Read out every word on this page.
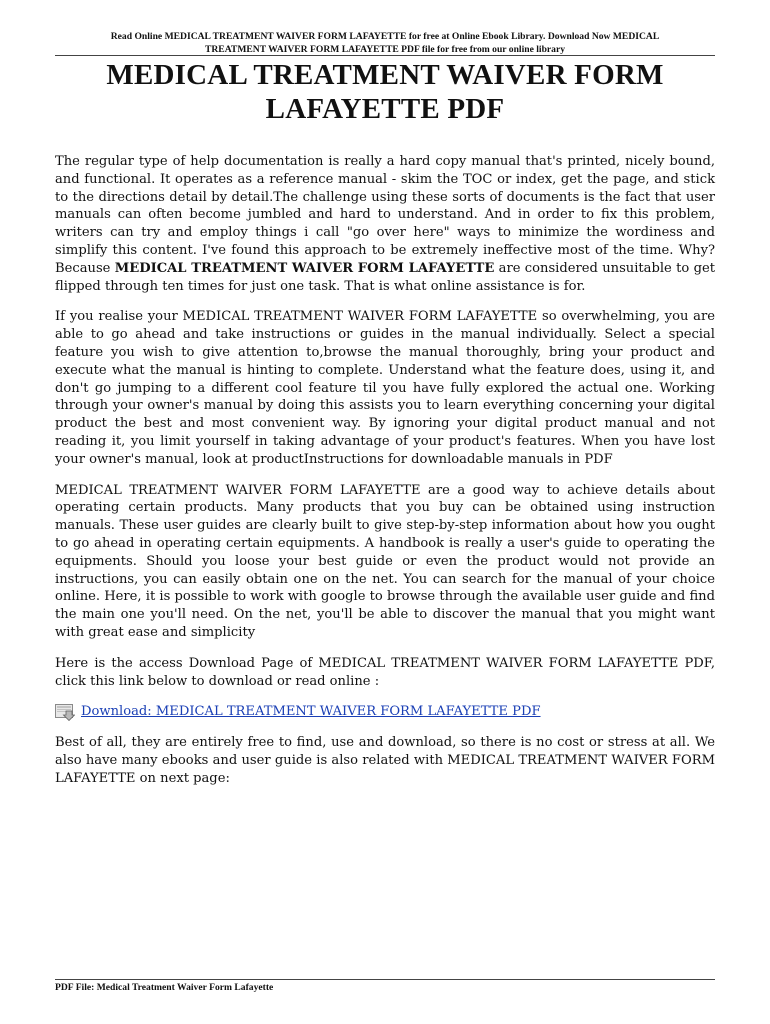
Read Online MEDICAL TREATMENT WAIVER FORM LAFAYETTE for free at Online Ebook Library. Download Now MEDICAL
TREATMENT WAIVER FORM LAFAYETTE PDF file for free from our online library
MEDICAL TREATMENT WAIVER FORM
LAFAYETTE PDF

The regular type of help documentation is really a hard copy manual that's printed, nicely bound, and functional. It operates as a reference manual - skim the TOC or index, get the page, and stick to the directions detail by detail.The challenge using these sorts of documents is the fact that user manuals can often become jumbled and hard to understand. And in order to fix this problem, writers can try and employ things i call "go over here" ways to minimize the wordiness and simplify this content. I've found this approach to be extremely ineffective most of the time. Why? Because MEDICAL TREATMENT WAIVER FORM LAFAYETTE are considered unsuitable to get flipped through ten times for just one task. That is what online assistance is for.

If you realise your MEDICAL TREATMENT WAIVER FORM LAFAYETTE so overwhelming, you are able to go ahead and take instructions or guides in the manual individually. Select a special feature you wish to give attention to,browse the manual thoroughly, bring your product and execute what the manual is hinting to complete. Understand what the feature does, using it, and don't go jumping to a different cool feature til you have fully explored the actual one. Working through your owner's manual by doing this assists you to learn everything concerning your digital product the best and most convenient way. By ignoring your digital product manual and not reading it, you limit yourself in taking advantage of your product's features. When you have lost your owner's manual, look at productInstructions for downloadable manuals in PDF

MEDICAL TREATMENT WAIVER FORM LAFAYETTE are a good way to achieve details about operating certain products. Many products that you buy can be obtained using instruction manuals. These user guides are clearly built to give step-by-step information about how you ought to go ahead in operating certain equipments. A handbook is really a user's guide to operating the equipments. Should you loose your best guide or even the product would not provide an instructions, you can easily obtain one on the net. You can search for the manual of your choice online. Here, it is possible to work with google to browse through the available user guide and find the main one you'll need. On the net, you'll be able to discover the manual that you might want with great ease and simplicity

Here is the access Download Page of MEDICAL TREATMENT WAIVER FORM LAFAYETTE PDF, click this link below to download or read online :

Download: MEDICAL TREATMENT WAIVER FORM LAFAYETTE PDF

Best of all, they are entirely free to find, use and download, so there is no cost or stress at all. We also have many ebooks and user guide is also related with MEDICAL TREATMENT WAIVER FORM LAFAYETTE on next page:

PDF File: Medical Treatment Waiver Form Lafayette
